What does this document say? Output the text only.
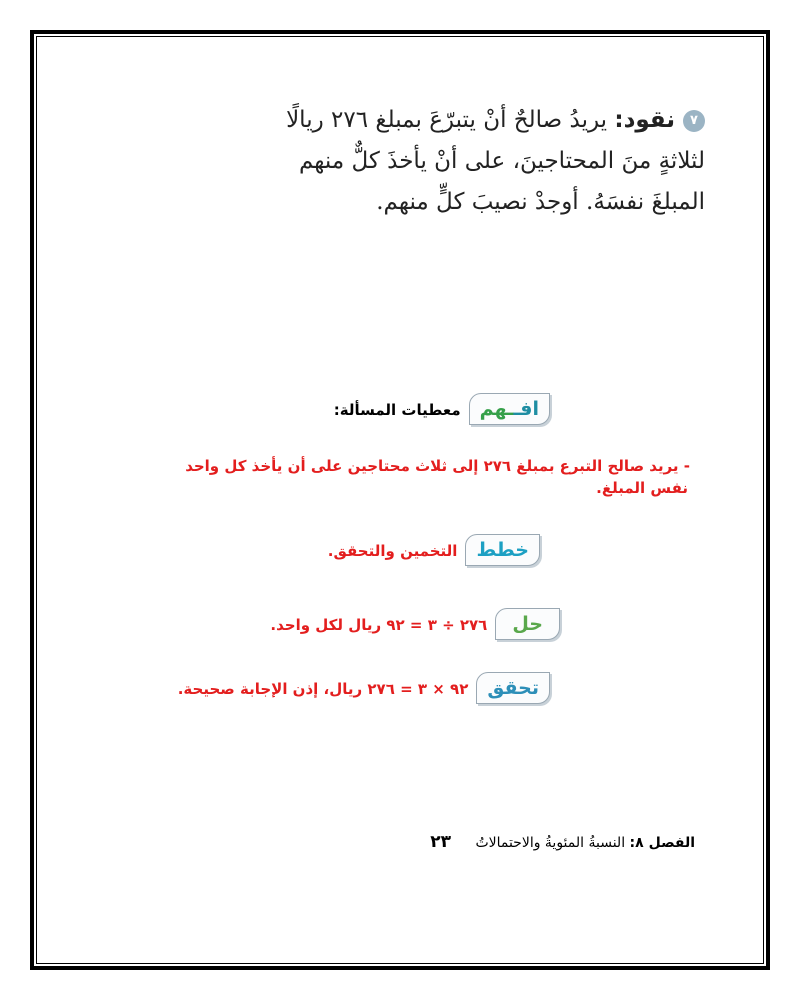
٧نقود: يريدُ صالحٌ أنْ يتبرّعَ بمبلغ ٢٧٦ ريالًا
لثلاثةٍ منَ المحتاجينَ، على أنْ يأخذَ كلٌّ منهم
المبلغَ نفسَهُ. أوجدْ نصيبَ كلٍّ منهم.
افــهممعطيات المسألة:
- يريد صالح التبرع بمبلغ ٢٧٦ إلى ثلاث محتاجين على أن يأخذ كل واحد
نفس المبلغ.
خططالتخمين والتحقق.
حل٢٧٦ ÷ ٣ = ٩٢ ريال لكل واحد.
تحقق٩٢ × ٣ = ٢٧٦ ريال، إذن الإجابة صحيحة.
الفصل ٨: النسبةُ المئويةُ والاحتمالاتُ ٢٣
